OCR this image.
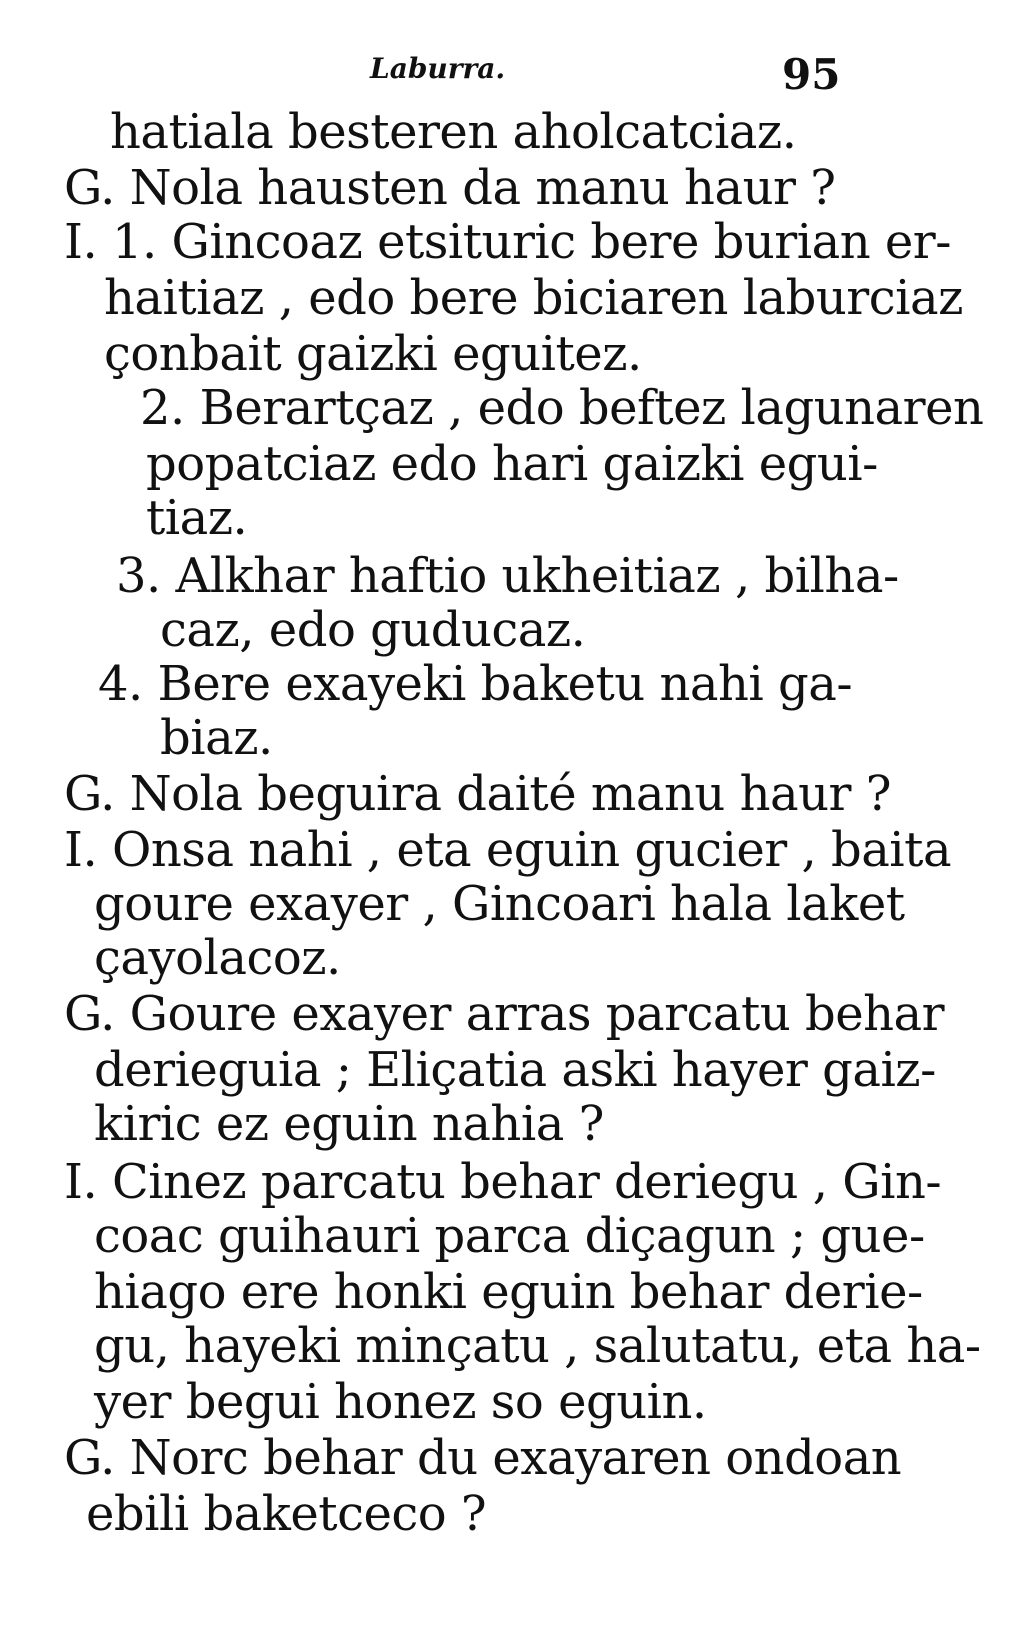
Laburra.	95
hatiala besteren aholcatciaz.
G. Nola hausten da manu haur ?
I. 1. Gincoaz etsituric bere burian er-
haitiaz , edo bere biciaren laburciaz
çonbait gaizki eguitez.
2. Berartçaz , edo beftez lagunaren
popatciaz edo hari gaizki egui-
tiaz.
3. Alkhar haftio ukheitiaz , bilha-
caz, edo guducaz.
4. Bere exayeki baketu nahi ga-
biaz.
G. Nola beguira daité manu haur ?
I. Onsa nahi , eta eguin gucier , baita
goure exayer , Gincoari hala laket
çayolacoz.
G. Goure exayer arras parcatu behar
derieguia ; Eliçatia aski hayer gaiz-
kiric ez eguin nahia ?
I. Cinez parcatu behar deriegu , Gin-
coac guihauri parca diçagun ; gue-
hiago ere honki eguin behar derie-
gu, hayeki minçatu , salutatu, eta ha-
yer begui honez so eguin.
G. Norc behar du exayaren ondoan
ebili baketceco ?
